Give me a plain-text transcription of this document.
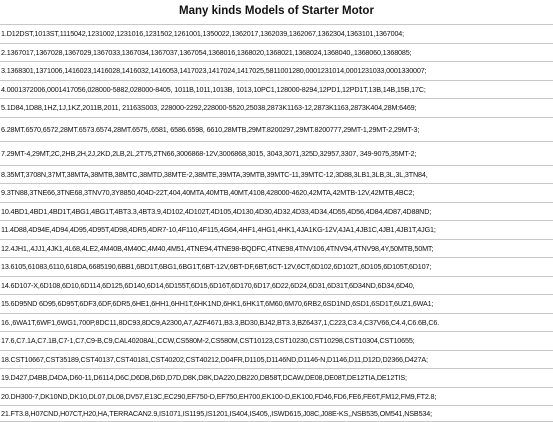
Many kinds Models of Starter Motor
1.D12DST,1013ST,1115042,1231002,1231016,1231502,1261001,1350022,1362017,1362039,1362067,1362304,1363101,1367004;
2.1367017,1367028,1367029,1367033,1367034,1367037,1367054,1368016,1368020,1368021,1368024,1368040,,1368060,1368085;
3.1368301,1371006,1416023,1416028,1416032,1416053,1417023,1417024,1417025,5811001280,0001231014,0001231033,0001330007;
4.0001372006,0001417056,028000-5882,028000-8405, 1011B,1011,1013B, 1013,10PC1,128000-8294,12PD1,12PD1T,13B,14B,15B,17C;
5.1D84,1D88,1HZ,1J,1KZ,2011B,2011, 21163S003, 228000-2292,228000-5520,25038,2873K1163-12,2873K1163,2873K404,28M:6469;
6.28MT.6570,6572,28MT.6573.6574,28MT.6575,.6581, 6586.6598, 6610,28MTB,29MT.8200297,29MT.8200777,29MT-1,29MT-2,29MT-3;
7.29MT-4,29MT,2C,2HB,2H,2J,2KD,2LB,2L,2T75,2TN66,3006868-12V,3006868,3015, 3043,3071,325D,32957,3307, 349-9075,35MT-2;
8.35MT,3708N,37MT,38MTA,38MTB,38MTC,38MTD,38MTE-2,38MTE,39MTA,39MTB,39MTC-11,39MTC-12,3D88,3LB1,3LB,3L,3L,3TN84,
9.3TN88,3TNE66,3TNE68,3TNV70,3Y8850,404D-22T,404,40MTA,40MTB,40MT,4108,428000-4620,42MTA,42MTB-12V,42MTB,4BC2;
10.4BD1,4BD1,4BD1T,4BG1,4BG1T,4BT3.3,4BT3.9,4D102,4D102T,4D105,4D130,4D30,4D32,4D33,4D34,4D55,4D56,4D84,4D87,4D88ND;
11.4D88,4D94E,4D94,4D95,4D95T,4D98,4DR5,4DR7-10,4F110,4F115,4G64,4HF1,4HG1,4HK1,4JA1KG-12V,4JA1,4JB1C,4JB1,4JB1T,4JG1;
12.4JH1,,4JJ1,4JK1,4L68,4LE2,4M40B,4M40C,4M40,4M51,4TNE94,4TNE98-BQDFC,4TNE98,4TNV106,4TNV94,4TNV98,4Y,50MTB,50MT;
13.6105,61083,6110,618DA,6685190,6BB1,6BD1T,6BG1,6BG1T,6BT-12V,6BT-DF,6BT,6CT-12V,6CT,6D102,6D102T,,6D105,6D105T,6D107;
14.6D107-X,6D108,6D10,6D114,6D125,6D140,6D14,6D155T,6D15,6D16T,6D170,6D17,6D22,6D24,6D31,6D31T,6D34ND,6D34,6D40,
15.6D95ND 6D95,6D95T,6DF3,6DF,6DR5,6HE1,6HH1,6HH1T,6HK1ND,6HK1,6HK1T,6M60,6M70,6RB2,6SD1ND,6SD1,6SD1T,6UZ1,6WA1;
16.,6WA1T,6WF1,6WG1,700P,8DC11,8DC93,8DC9,A2300,A7,AZF4671,B3.3,BD30,BJ42,BT3.3,BZ6437,1,C223,C3.4,C37V66,C4.4,C6.6B,C6.
17.6,C7.1A,C7.1B,C7-1,C7,C9-B,C9,CAL40208AL,CCW,CS580M-2,CS580M,CST10123,CST10230,CST10298,CST10304,CST10655;
18.CST10667,CST35189,CST40137,CST40181,CST40202,CST40212,D04FR,D1105,D1146ND,D1146-N,D1146,D11,D12D,D2366,D427A;
19.D427,D4BB,D4DA,D60-11,D6114,D6C,D6DB,D6D,D7D,D8K,D8K,DA220,DB220,DB58T,DCAW,DE08,DE08T,DE12TIA,DE12TIS;
20.DH300-7,DK10ND,DK10,DL07,DL08,DV57,E13C,EC290,EF750-D,EF750,EH700,EK100-D,EK100,FD46,FD6,FE6,FE6T,FM12,FM9,FT2.8;
21.FT3.8,H07CND,H07CT,H20,HA,TERRACAN2.9,IS1071,IS1195,IS1201,IS404,IS405,,ISWD615,J08C,J08E-KS,,NSB535,OM541,NSB534;
